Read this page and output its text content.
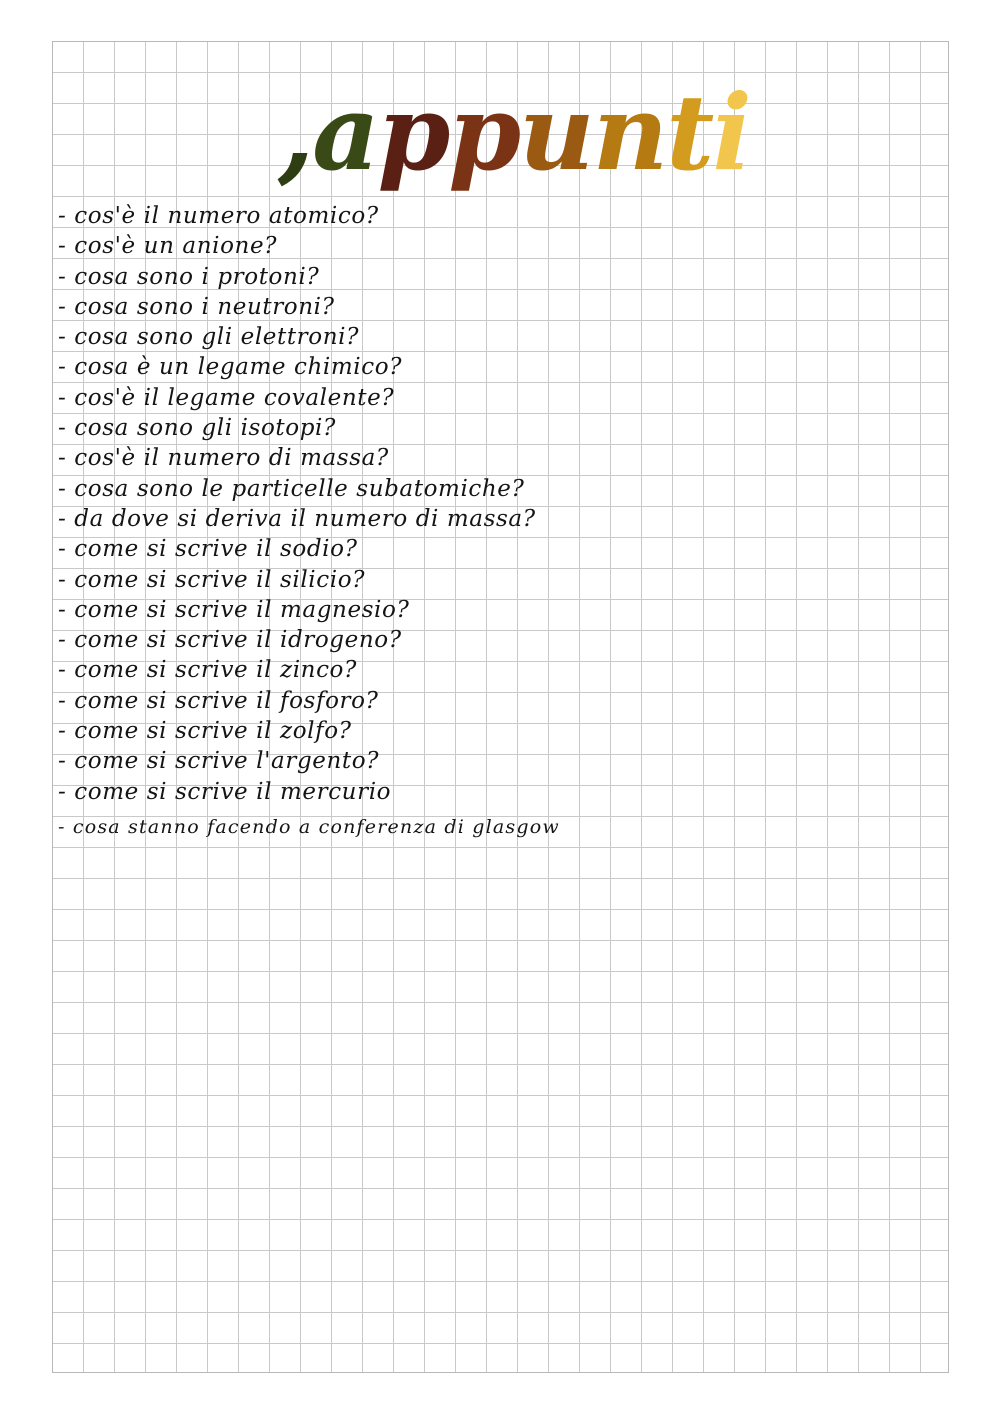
,appunti
- cos'è il numero atomico?
- cos'è un anione?
- cosa sono i protoni?
- cosa sono i neutroni?
- cosa sono gli elettroni?
- cosa è un legame chimico?
- cos'è il legame covalente?
- cosa sono gli isotopi?
- cos'è il numero di massa?
- cosa sono le particelle subatomiche?
- da dove si deriva il numero di massa?
- come si scrive il sodio?
- come si scrive il silicio?
- come si scrive il magnesio?
- come si scrive il idrogeno?
- come si scrive il zinco?
- come si scrive il fosforo?
- come si scrive il zolfo?
- come si scrive l'argento?
- come si scrive il mercurio
- cosa stanno facendo a conferenza di glasgow
